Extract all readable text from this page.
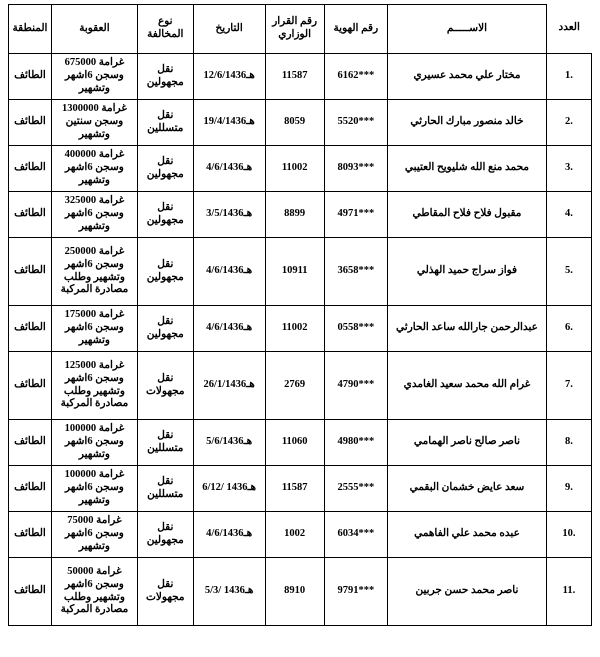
العدد	الاســـــم	رقم الهوية	رقم القرار الوزاري	التاريخ	نوع المخالفة	العقوبة	المنطقة
1.	مختار علي محمد عسيري	6162***	11587	12/6/1436هـ	نقل مجهولين	غرامة 675000 وسجن 6اشهر وتشهير	الطائف
2.	خالد منصور مبارك الحارثي	5520***	8059	19/4/1436هـ	نقل متسللين	غرامة 1300000 وسجن سنتين وتشهير	الطائف
3.	محمد منع الله شليويح العتيبي	8093***	11002	4/6/1436هـ	نقل مجهولين	غرامة 400000 وسجن 6اشهر وتشهير	الطائف
4.	مقبول فلاح فلاح المقاطي	4971***	8899	3/5/1436هـ	نقل مجهولين	غرامة 325000 وسجن 6اشهر وتشهير	الطائف
5.	فواز سراج حميد الهذلي	3658***	10911	4/6/1436هـ	نقل مجهولين	غرامة 250000 وسجن 6اشهر وتشهير وطلب مصادرة المركبة	الطائف
6.	عبدالرحمن جارالله ساعد الحارثي	0558***	11002	4/6/1436هـ	نقل مجهولين	غرامة 175000 وسجن 6اشهر وتشهير	الطائف
7.	غرام الله محمد سعيد الغامدي	4790***	2769	26/1/1436هـ	نقل مجهولات	غرامة 125000 وسجن 6اشهر وتشهير وطلب مصادرة المركبة	الطائف
8.	ناصر صالح ناصر الهمامي	4980***	11060	5/6/1436هـ	نقل متسللين	غرامة 100000 وسجن 6اشهر وتشهير	الطائف
9.	سعد عايض خشمان البقمي	2555***	11587	6/12/ 1436هـ	نقل متسللين	غرامة 100000 وسجن 6اشهر وتشهير	الطائف
10.	عبده محمد علي الفاهمي	6034***	1002	4/6/1436هـ	نقل مجهولين	غرامة 75000 وسجن 6اشهر وتشهير	الطائف
11.	ناصر محمد حسن جربين	9791***	8910	5/3/ 1436هـ	نقل مجهولات	غرامة 50000 وسجن 6اشهر وتشهير وطلب مصادرة المركبة	الطائف
